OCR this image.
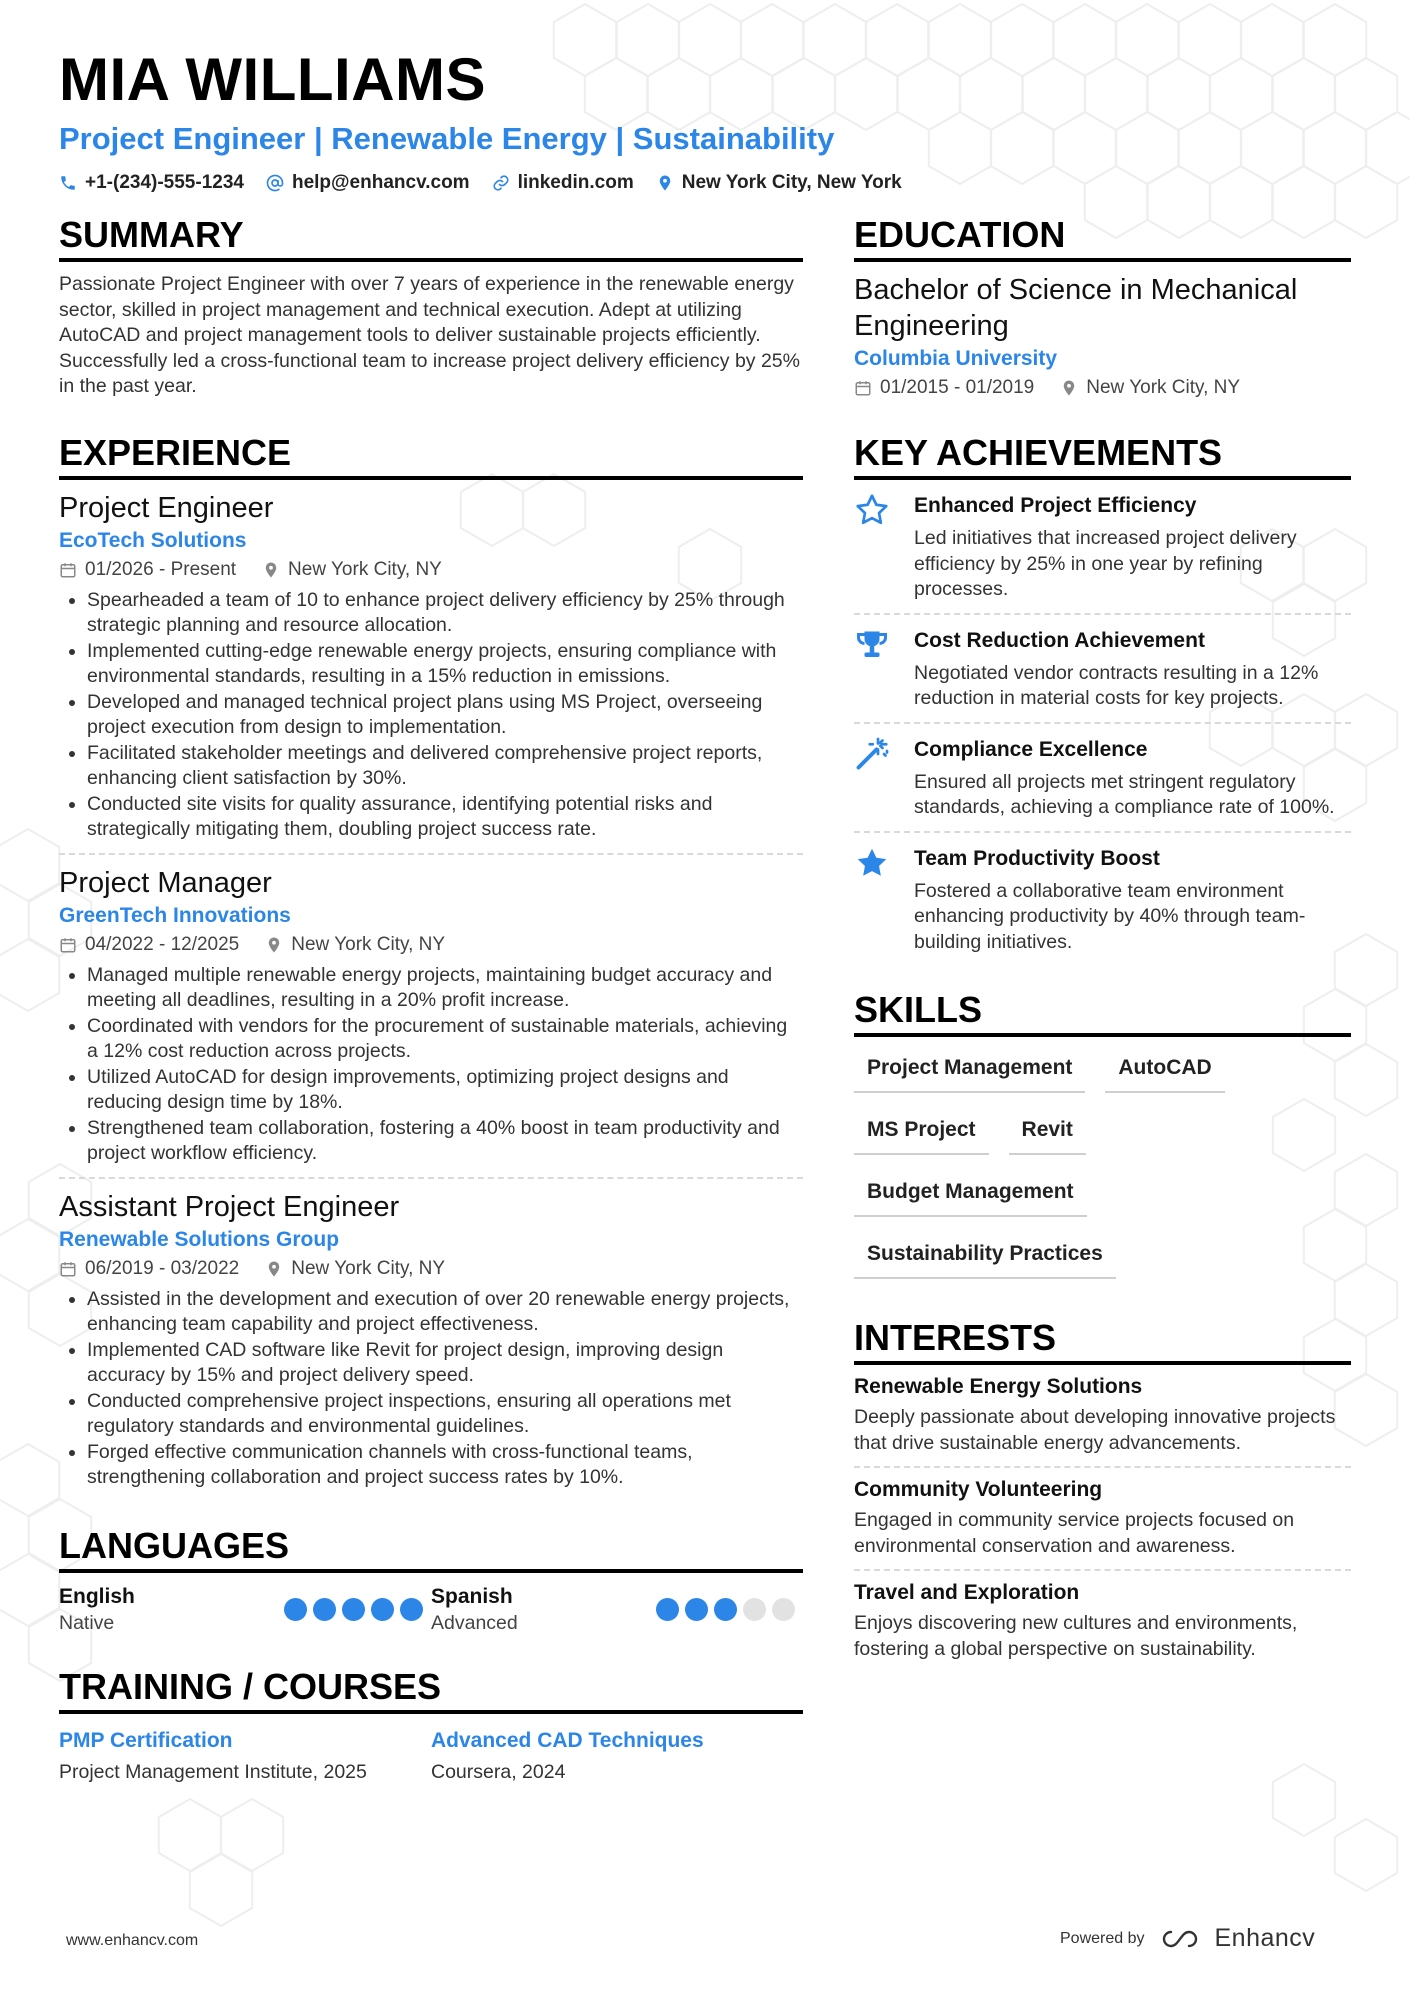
MIA WILLIAMS
Project Engineer | Renewable Energy | Sustainability
+1-(234)-555-1234	help@enhancv.com	linkedin.com	New York City, New York
SUMMARY
Passionate Project Engineer with over 7 years of experience in the renewable energy sector, skilled in project management and technical execution. Adept at utilizing AutoCAD and project management tools to deliver sustainable projects efficiently. Successfully led a cross-functional team to increase project delivery efficiency by 25% in the past year.
EXPERIENCE
Project Engineer
EcoTech Solutions
01/2026 - Present	New York City, NY
• Spearheaded a team of 10 to enhance project delivery efficiency by 25% through strategic planning and resource allocation.
• Implemented cutting-edge renewable energy projects, ensuring compliance with environmental standards, resulting in a 15% reduction in emissions.
• Developed and managed technical project plans using MS Project, overseeing project execution from design to implementation.
• Facilitated stakeholder meetings and delivered comprehensive project reports, enhancing client satisfaction by 30%.
• Conducted site visits for quality assurance, identifying potential risks and strategically mitigating them, doubling project success rate.
Project Manager
GreenTech Innovations
04/2022 - 12/2025	New York City, NY
• Managed multiple renewable energy projects, maintaining budget accuracy and meeting all deadlines, resulting in a 20% profit increase.
• Coordinated with vendors for the procurement of sustainable materials, achieving a 12% cost reduction across projects.
• Utilized AutoCAD for design improvements, optimizing project designs and reducing design time by 18%.
• Strengthened team collaboration, fostering a 40% boost in team productivity and project workflow efficiency.
Assistant Project Engineer
Renewable Solutions Group
06/2019 - 03/2022	New York City, NY
• Assisted in the development and execution of over 20 renewable energy projects, enhancing team capability and project effectiveness.
• Implemented CAD software like Revit for project design, improving design accuracy by 15% and project delivery speed.
• Conducted comprehensive project inspections, ensuring all operations met regulatory standards and environmental guidelines.
• Forged effective communication channels with cross-functional teams, strengthening collaboration and project success rates by 10%.
LANGUAGES
English
Native
Spanish
Advanced
TRAINING / COURSES
PMP Certification
Project Management Institute, 2025
Advanced CAD Techniques
Coursera, 2024
EDUCATION
Bachelor of Science in Mechanical Engineering
Columbia University
01/2015 - 01/2019	New York City, NY
KEY ACHIEVEMENTS
Enhanced Project Efficiency
Led initiatives that increased project delivery efficiency by 25% in one year by refining processes.
Cost Reduction Achievement
Negotiated vendor contracts resulting in a 12% reduction in material costs for key projects.
Compliance Excellence
Ensured all projects met stringent regulatory standards, achieving a compliance rate of 100%.
Team Productivity Boost
Fostered a collaborative team environment enhancing productivity by 40% through team-building initiatives.
SKILLS
Project Management	AutoCAD
MS Project	Revit
Budget Management
Sustainability Practices
INTERESTS
Renewable Energy Solutions
Deeply passionate about developing innovative projects that drive sustainable energy advancements.
Community Volunteering
Engaged in community service projects focused on environmental conservation and awareness.
Travel and Exploration
Enjoys discovering new cultures and environments, fostering a global perspective on sustainability.
www.enhancv.com	Powered by	Enhancv
